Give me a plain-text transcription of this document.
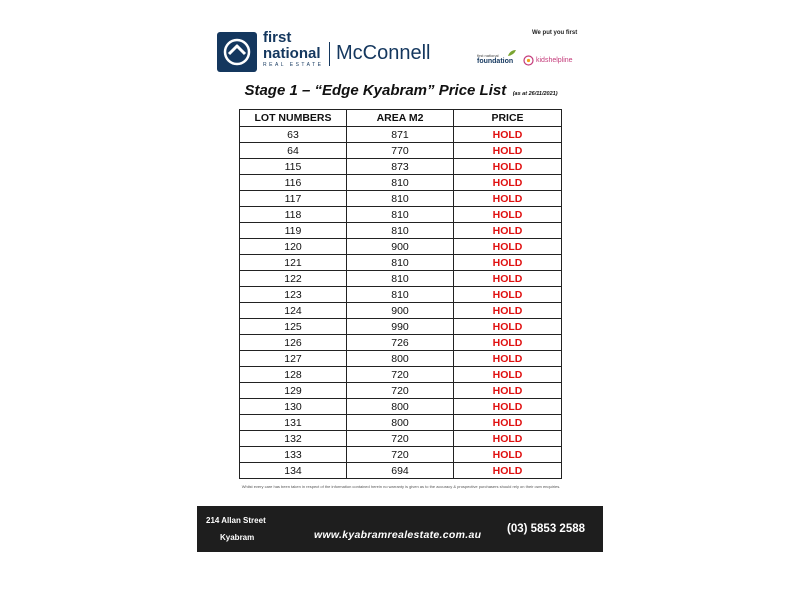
first
national
REAL ESTATE
McConnell
We put you first
first national
foundation	kidshelpline
Stage 1 – “Edge Kyabram” Price List (as at 26/11/2021)
LOT NUMBERS	AREA M2	PRICE
63	871	HOLD
64	770	HOLD
115	873	HOLD
116	810	HOLD
117	810	HOLD
118	810	HOLD
119	810	HOLD
120	900	HOLD
121	810	HOLD
122	810	HOLD
123	810	HOLD
124	900	HOLD
125	990	HOLD
126	726	HOLD
127	800	HOLD
128	720	HOLD
129	720	HOLD
130	800	HOLD
131	800	HOLD
132	720	HOLD
133	720	HOLD
134	694	HOLD
Whilst every care has been taken in respect of the information contained herein no warranty is given as to the accuracy & prospective purchasers should rely on their own enquiries.
214 Allan Street
Kyabram	www.kyabramrealestate.com.au (03) 5853 2588
